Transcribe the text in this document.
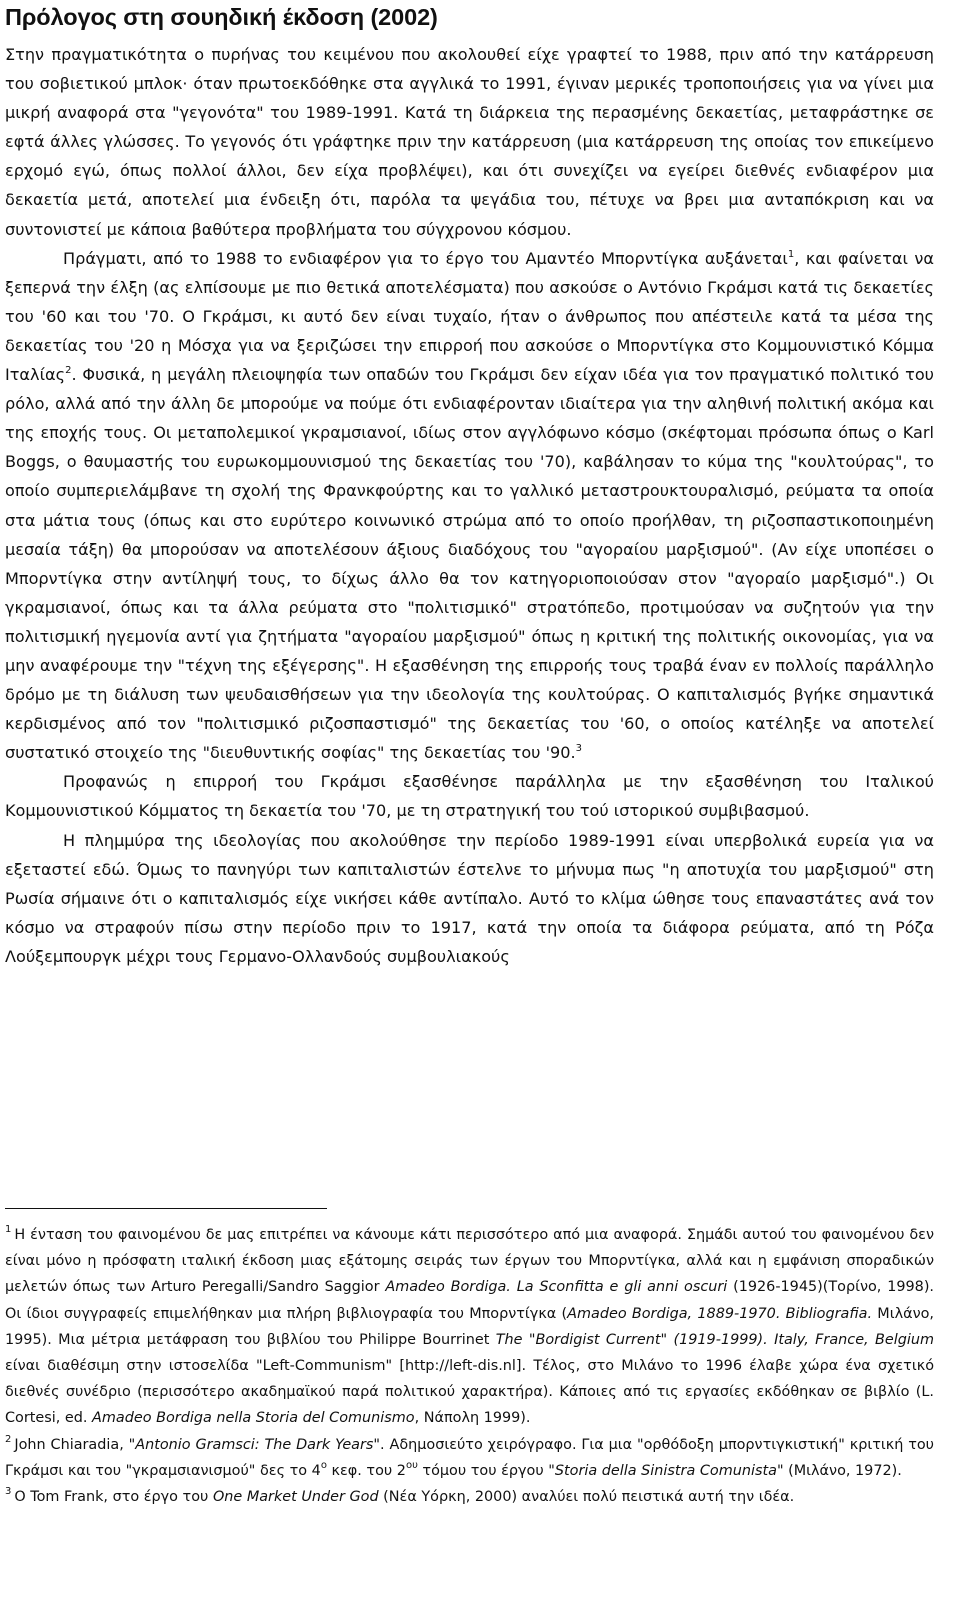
Πρόλογος στη σουηδική έκδοση (2002)

Στην πραγματικότητα ο πυρήνας του κειμένου που ακολουθεί είχε γραφτεί το 1988, πριν από την κατάρρευση του σοβιετικού μπλοκ· όταν πρωτοεκδόθηκε στα αγγλικά το 1991, έγιναν μερικές τροποποιήσεις για να γίνει μια μικρή αναφορά στα "γεγονότα" του 1989-1991. Κατά τη διάρκεια της περασμένης δεκαετίας, μεταφράστηκε σε εφτά άλλες γλώσσες. Το γεγονός ότι γράφτηκε πριν την κατάρρευση (μια κατάρρευση της οποίας τον επικείμενο ερχομό εγώ, όπως πολλοί άλλοι, δεν είχα προβλέψει), και ότι συνεχίζει να εγείρει διεθνές ενδιαφέρον μια δεκαετία μετά, αποτελεί μια ένδειξη ότι, παρόλα τα ψεγάδια του, πέτυχε να βρει μια ανταπόκριση και να συντονιστεί με κάποια βαθύτερα προβλήματα του σύγχρονου κόσμου.

Πράγματι, από το 1988 το ενδιαφέρον για το έργο του Αμαντέο Μπορντίγκα αυξάνεται$^1$, και φαίνεται να ξεπερνά την έλξη (ας ελπίσουμε με πιο θετικά αποτελέσματα) που ασκούσε ο Αντόνιο Γκράμσι κατά τις δεκαετίες του '60 και του '70. Ο Γκράμσι, κι αυτό δεν είναι τυχαίο, ήταν ο άνθρωπος που απέστειλε κατά τα μέσα της δεκαετίας του '20 η Μόσχα για να ξεριζώσει την επιρροή που ασκούσε ο Μπορντίγκα στο Κομμουνιστικό Κόμμα Ιταλίας$^2$. Φυσικά, η μεγάλη πλειοψηφία των οπαδών του Γκράμσι δεν είχαν ιδέα για τον πραγματικό πολιτικό του ρόλο, αλλά από την άλλη δε μπορούμε να πούμε ότι ενδιαφέρονταν ιδιαίτερα για την αληθινή πολιτική ακόμα και της εποχής τους. Οι μεταπολεμικοί γκραμσιανοί, ιδίως στον αγγλόφωνο κόσμο (σκέφτομαι πρόσωπα όπως ο Karl Boggs, ο θαυμαστής του ευρωκομμουνισμού της δεκαετίας του '70), καβάλησαν το κύμα της "κουλτούρας", το οποίο συμπεριελάμβανε τη σχολή της Φρανκφούρτης και το γαλλικό μεταστρουκτουραλισμό, ρεύματα τα οποία στα μάτια τους (όπως και στο ευρύτερο κοινωνικό στρώμα από το οποίο προήλθαν, τη ριζοσπαστικοποιημένη μεσαία τάξη) θα μπορούσαν να αποτελέσουν άξιους διαδόχους του "αγοραίου μαρξισμού". (Αν είχε υποπέσει ο Μπορντίγκα στην αντίληψή τους, το δίχως άλλο θα τον κατηγοριοποιούσαν στον "αγοραίο μαρξισμό".) Οι γκραμσιανοί, όπως και τα άλλα ρεύματα στο "πολιτισμικό" στρατόπεδο, προτιμούσαν να συζητούν για την πολιτισμική ηγεμονία αντί για ζητήματα "αγοραίου μαρξισμού" όπως η κριτική της πολιτικής οικονομίας, για να μην αναφέρουμε την "τέχνη της εξέγερσης". Η εξασθένηση της επιρροής τους τραβά έναν εν πολλοίς παράλληλο δρόμο με τη διάλυση των ψευδαισθήσεων για την ιδεολογία της κουλτούρας. Ο καπιταλισμός βγήκε σημαντικά κερδισμένος από τον "πολιτισμικό ριζοσπαστισμό" της δεκαετίας του '60, ο οποίος κατέληξε να αποτελεί συστατικό στοιχείο της "διευθυντικής σοφίας" της δεκαετίας του '90.$^3$

Προφανώς η επιρροή του Γκράμσι εξασθένησε παράλληλα με την εξασθένηση του Ιταλικού Κομμουνιστικού Κόμματος τη δεκαετία του '70, με τη στρατηγική του τού ιστορικού συμβιβασμού.

Η πλημμύρα της ιδεολογίας που ακολούθησε την περίοδο 1989-1991 είναι υπερβολικά ευρεία για να εξεταστεί εδώ. Όμως το πανηγύρι των καπιταλιστών έστελνε το μήνυμα πως "η αποτυχία του μαρξισμού" στη Ρωσία σήμαινε ότι ο καπιταλισμός είχε νικήσει κάθε αντίπαλο. Αυτό το κλίμα ώθησε τους επαναστάτες ανά τον κόσμο να στραφούν πίσω στην περίοδο πριν το 1917, κατά την οποία τα διάφορα ρεύματα, από τη Ρόζα Λούξεμπουργκ μέχρι τους Γερμανο-Ολλανδούς συμβουλιακούς

$^1$ Η ένταση του φαινομένου δε μας επιτρέπει να κάνουμε κάτι περισσότερο από μια αναφορά. Σημάδι αυτού του φαινομένου δεν είναι μόνο η πρόσφατη ιταλική έκδοση μιας εξάτομης σειράς των έργων του Μπορντίγκα, αλλά και η εμφάνιση σποραδικών μελετών όπως των Arturo Peregalli/Sandro Saggior Amadeo Bordiga. La Sconfitta e gli anni oscuri (1926-1945)(Τορίνο, 1998). Οι ίδιοι συγγραφείς επιμελήθηκαν μια πλήρη βιβλιογραφία του Μπορντίγκα (Amadeo Bordiga, 1889-1970. Bibliografia. Μιλάνο, 1995). Μια μέτρια μετάφραση του βιβλίου του Philippe Bourrinet The "Bordigist Current" (1919-1999). Italy, France, Belgium είναι διαθέσιμη στην ιστοσελίδα "Left-Communism" [http://left-dis.nl]. Τέλος, στο Μιλάνο το 1996 έλαβε χώρα ένα σχετικό διεθνές συνέδριο (περισσότερο ακαδημαϊκού παρά πολιτικού χαρακτήρα). Κάποιες από τις εργασίες εκδόθηκαν σε βιβλίο (L. Cortesi, ed. Amadeo Bordiga nella Storia del Comunismo, Νάπολη 1999).

$^2$ John Chiaradia, "Antonio Gramsci: The Dark Years". Αδημοσιεύτο χειρόγραφο. Για μια "ορθόδοξη μπορντιγκιστική" κριτική του Γκράμσι και του "γκραμσιανισμού" δες το $4^o$ κεφ. του $2^{o\upsilon}$ τόμου του έργου "Storia della Sinistra Comunista" (Μιλάνο, 1972).

$^3$ Ο Tom Frank, στο έργο του One Market Under God (Νέα Υόρκη, 2000) αναλύει πολύ πειστικά αυτή την ιδέα.
